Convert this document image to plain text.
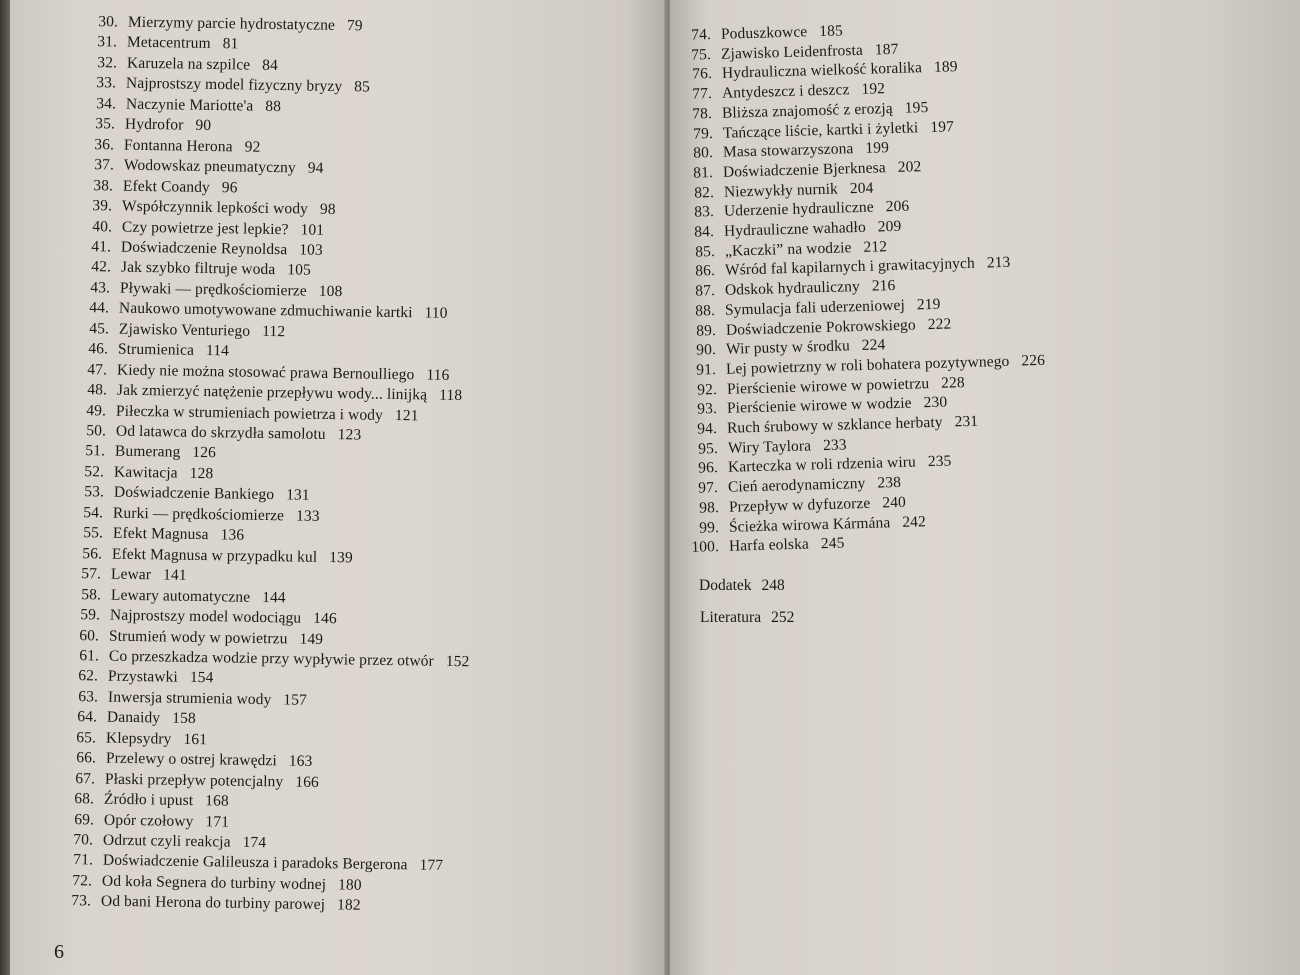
30. Mierzymy parcie hydrostatyczne 79
31. Metacentrum 81
32. Karuzela na szpilce 84
33. Najprostszy model fizyczny bryzy 85
34. Naczynie Mariotte'a 88
35. Hydrofor 90
36. Fontanna Herona 92
37. Wodowskaz pneumatyczny 94
38. Efekt Coandy 96
39. Współczynnik lepkości wody 98
40. Czy powietrze jest lepkie? 101
41. Doświadczenie Reynoldsa 103
42. Jak szybko filtruje woda 105
43. Pływaki — prędkościomierze 108
44. Naukowo umotywowane zdmuchiwanie kartki 110
45. Zjawisko Venturiego 112
46. Strumienica 114
47. Kiedy nie można stosować prawa Bernoulliego 116
48. Jak zmierzyć natężenie przepływu wody... linijką 118
49. Piłeczka w strumieniach powietrza i wody 121
50. Od latawca do skrzydła samolotu 123
51. Bumerang 126
52. Kawitacja 128
53. Doświadczenie Bankiego 131
54. Rurki — prędkościomierze 133
55. Efekt Magnusa 136
56. Efekt Magnusa w przypadku kul 139
57. Lewar 141
58. Lewary automatyczne 144
59. Najprostszy model wodociągu 146
60. Strumień wody w powietrzu 149
61. Co przeszkadza wodzie przy wypływie przez otwór 152
62. Przystawki 154
63. Inwersja strumienia wody 157
64. Danaidy 158
65. Klepsydry 161
66. Przelewy o ostrej krawędzi 163
67. Płaski przepływ potencjalny 166
68. Źródło i upust 168
69. Opór czołowy 171
70. Odrzut czyli reakcja 174
71. Doświadczenie Galileusza i paradoks Bergerona 177
72. Od koła Segnera do turbiny wodnej 180
73. Od bani Herona do turbiny parowej 182
6
74. Poduszkowce 185
75. Zjawisko Leidenfrosta 187
76. Hydrauliczna wielkość koralika 189
77. Antydeszcz i deszcz 192
78. Bliższa znajomość z erozją 195
79. Tańczące liście, kartki i żyletki 197
80. Masa stowarzyszona 199
81. Doświadczenie Bjerknesa 202
82. Niezwykły nurnik 204
83. Uderzenie hydrauliczne 206
84. Hydrauliczne wahadło 209
85. „Kaczki” na wodzie 212
86. Wśród fal kapilarnych i grawitacyjnych 213
87. Odskok hydrauliczny 216
88. Symulacja fali uderzeniowej 219
89. Doświadczenie Pokrowskiego 222
90. Wir pusty w środku 224
91. Lej powietrzny w roli bohatera pozytywnego 226
92. Pierścienie wirowe w powietrzu 228
93. Pierścienie wirowe w wodzie 230
94. Ruch śrubowy w szklance herbaty 231
95. Wiry Taylora 233
96. Karteczka w roli rdzenia wiru 235
97. Cień aerodynamiczny 238
98. Przepływ w dyfuzorze 240
99. Ścieżka wirowa Kármána 242
100. Harfa eolska 245
Dodatek 248
Literatura 252
